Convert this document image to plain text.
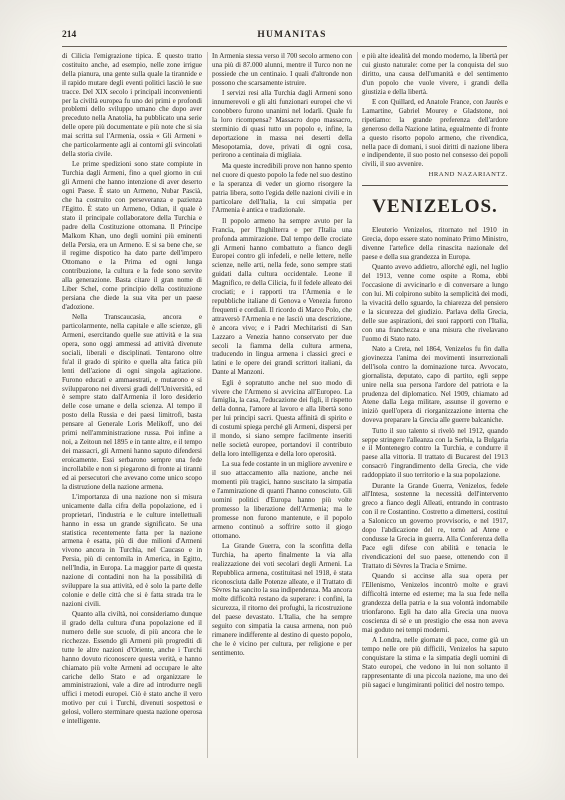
214	HUMANITAS

di Cilicia l'emigrazione tipica. È questo tratto costituito anche, ad esempio, nelle zone irrigue della pianura, una gente sulla quale la tirannide e il rapido mutare degli eventi politici lasciò le sue tracce. Del XIX secolo i principali inconvenienti per la civiltà europea fu uno dei primi e profondi problemi dello sviluppo umano che dopo aver preceduto nella Anatolia, ha pubblicato una serie delle opere più documentate e più note che si sia mai scritta sul l'Armenia, ossia « Gli Armeni » che particolarmente agli ai contorni gli svincolati della storia civile.

Le prime spedizioni sono state compiute in Turchia dagli Armeni, fino a quel giorno in cui gli Armeni che hanno intenzione di aver deserto ogni Paese. È stato un Armeno, Nubar Pascià, che ha costruito con perseveranza e pazienza l'Egitto. È stato un Armeno, Odian, il quale è stato il principale collaboratore della Turchia e padre della Costituzione ottomana. Il Principe Malkom Khan, uno degli uomini più eminenti della Persia, era un Armeno. E si sa bene che, se il regime dispotico ha dato parte dell'impero Ottomano e la Prima ed ogni lunga contribuzione, la cultura e la fede sono servite alla generazione. Basta citare il gran nome di Liber Schel, come principio della costituzione persiana che diede la sua vita per un paese d'adozione.

Nella Transcaucasia, ancora e particolarmente, nella capitale e alle scienze, gli Armeni, esercitando quelle sue attività e la sua opera, sono oggi ammessi ad attività divenute sociali, liberali e disciplinati. Tentarono oltre fu'al il grado di spirito e quella alta fatica più lenti dell'azione di ogni singola agitazione. Furono educati e ammaestrati, e mutarono e si svilupparono nei diversi gradi dell'Università, ed è sempre stato dall'Armenia il loro desiderio delle cose umane e della scienza. Al tempo il posto della Russia e dei paesi limitrofi, basta pensare al Generale Loris Melikoff, uno dei primi nell'amministrazione russa. Poi infine a noi, a Zeitoun nel 1895 e in tante altre, e il tempo dei massacri, gli Armeni hanno saputo difendersi eroicamente. Essi serbarono sempre una fede incrollabile e non si piegarono di fronte ai tiranni ed ai persecutori che avevano come unico scopo la distruzione della nazione armena.

L'importanza di una nazione non si misura unicamente dalla cifra della popolazione, ed i proprietari, l'industria e le culture intellettuali hanno in essa un grande significato. Se una statistica recentemente fatta per la nazione armena è esatta, più di due milioni d'Armeni vivono ancora in Turchia, nel Caucaso e in Persia, più di centomila in America, in Egitto, nell'India, in Europa. La maggior parte di questa nazione di contadini non ha la possibilità di sviluppare la sua attività, ed è solo la parte delle colonie e delle città che si è fatta strada tra le nazioni civili.

Quanto alla civiltà, noi consideriamo dunque il grado della cultura d'una popolazione ed il numero delle sue scuole, di più ancora che le ricchezze. Essendo gli Armeni più progrediti di tutte le altre nazioni d'Oriente, anche i Turchi hanno dovuto riconoscere questa verità, e hanno chiamato più volte Armeni ad occupare le alte cariche dello Stato e ad organizzare le amministrazioni, vale a dire ad introdurre negli uffici i metodi europei. Ciò è stato anche il vero motivo per cui i Turchi, divenuti sospettosi e gelosi, vollero sterminare questa nazione operosa e intelligente.

In Armenia stessa verso il 700 secolo armeno con una più di 87.000 alunni, mentre il Turco non ne possiede che un centinaio. I quali d'altronde non possono che scarsamente istruire.

I servizi resi alla Turchia dagli Armeni sono innumerevoli e gli alti funzionari europei che vi conobbero furono unanimi nel lodarli. Quale fu la loro ricompensa? Massacro dopo massacro, sterminio di quasi tutto un popolo e, infine, la deportazione in massa nei deserti della Mesopotamia, dove, privati di ogni cosa, perirono a centinaia di migliaia.

Ma queste incredibili prove non hanno spento nel cuore di questo popolo la fede nel suo destino e la speranza di veder un giorno risorgere la patria libera, sotto l'egida delle nazioni civili e in particolare dell'Italia, la cui simpatia per l'Armenia è antica e tradizionale.

Il popolo armeno ha sempre avuto per la Francia, per l'Inghilterra e per l'Italia una profonda ammirazione. Dal tempo delle crociate gli Armeni hanno combattuto a fianco degli Europei contro gli infedeli, e nelle lettere, nelle scienze, nelle arti, nella fede, sono sempre stati guidati dalla cultura occidentale. Leone il Magnifico, re della Cilicia, fu il fedele alleato dei crociati; e i rapporti tra l'Armenia e le repubbliche italiane di Genova e Venezia furono frequenti e cordiali. Il ricordo di Marco Polo, che attraversò l'Armenia e ne lasciò una descrizione, è ancora vivo; e i Padri Mechitaristi di San Lazzaro a Venezia hanno conservato per due secoli la fiamma della cultura armena, traducendo in lingua armena i classici greci e latini e le opere dei grandi scrittori italiani, da Dante al Manzoni.

Egli è sopratutto anche nel suo modo di vivere che l'Armeno si avvicina all'Europeo. La famiglia, la casa, l'educazione dei figli, il rispetto della donna, l'amore al lavoro e alla libertà sono per lui principi sacri. Questa affinità di spirito e di costumi spiega perché gli Armeni, dispersi per il mondo, si siano sempre facilmente inseriti nelle società europee, portandovi il contributo della loro intelligenza e della loro operosità.

La sua fede costante in un migliore avvenire e il suo attaccamento alla nazione, anche nei momenti più tragici, hanno suscitato la simpatia e l'ammirazione di quanti l'hanno conosciuto. Gli uomini politici d'Europa hanno più volte promesso la liberazione dell'Armenia; ma le promesse non furono mantenute, e il popolo armeno continuò a soffrire sotto il giogo ottomano.

La Grande Guerra, con la sconfitta della Turchia, ha aperto finalmente la via alla realizzazione dei voti secolari degli Armeni. La Repubblica armena, costituitasi nel 1918, è stata riconosciuta dalle Potenze alleate, e il Trattato di Sèvres ha sancito la sua indipendenza. Ma ancora molte difficoltà restano da superare: i confini, la sicurezza, il ritorno dei profughi, la ricostruzione del paese devastato. L'Italia, che ha sempre seguito con simpatia la causa armena, non può rimanere indifferente al destino di questo popolo, che le è vicino per cultura, per religione e per sentimento.

e più alte idealità del mondo moderno, la libertà per cui giusto naturale: come per la conquista del suo diritto, una causa dell'umanità e del sentimento d'un popolo che vuole vivere, i grandi della giustizia e della libertà.

E con Quillard, ed Anatole France, con Jaurès e Lamartine, Gabriel Mourey e Gladstone, noi ripetiamo: la grande preferenza dell'ardore generoso della Nazione latina, egualmente di fronte a questo risorto popolo armeno, che rivendica, nella pace di domani, i suoi diritti di nazione libera e indipendente, il suo posto nel consesso dei popoli civili, il suo avvenire.

HRAND NAZARIANTZ.
VENIZELOS.

Eleuterio Venizelos, ritornato nel 1910 in Grecia, dopo essere stato nominato Primo Ministro, divenne l'artefice della rinascita nazionale del paese e della sua grandezza in Europa.

Quanto avevo addietro, allorché egli, nel luglio del 1913, venne come ospite a Roma, ebbi l'occasione di avvicinarlo e di conversare a lungo con lui. Mi colpirono subito la semplicità dei modi, la vivacità dello sguardo, la chiarezza del pensiero e la sicurezza del giudizio. Parlava della Grecia, delle sue aspirazioni, dei suoi rapporti con l'Italia, con una franchezza e una misura che rivelavano l'uomo di Stato nato.

Nato a Creta, nel 1864, Venizelos fu fin dalla giovinezza l'anima dei movimenti insurrezionali dell'isola contro la dominazione turca. Avvocato, giornalista, deputato, capo di partito, egli seppe unire nella sua persona l'ardore del patriota e la prudenza del diplomatico. Nel 1909, chiamato ad Atene dalla Lega militare, assunse il governo e iniziò quell'opera di riorganizzazione interna che doveva preparare la Grecia alle guerre balcaniche.

Tutto il suo talento si rivelò nel 1912, quando seppe stringere l'alleanza con la Serbia, la Bulgaria e il Montenegro contro la Turchia, e condurre il paese alla vittoria. Il trattato di Bucarest del 1913 consacrò l'ingrandimento della Grecia, che vide raddoppiato il suo territorio e la sua popolazione.

Durante la Grande Guerra, Venizelos, fedele all'Intesa, sostenne la necessità dell'intervento greco a fianco degli Alleati, entrando in contrasto con il re Costantino. Costretto a dimettersi, costituì a Salonicco un governo provvisorio, e nel 1917, dopo l'abdicazione del re, tornò ad Atene e condusse la Grecia in guerra. Alla Conferenza della Pace egli difese con abilità e tenacia le rivendicazioni del suo paese, ottenendo con il Trattato di Sèvres la Tracia e Smirne.

Quando si accinse alla sua opera per l'Ellenismo, Venizelos incontrò molte e gravi difficoltà interne ed esterne; ma la sua fede nella grandezza della patria e la sua volontà indomabile trionfarono. Egli ha dato alla Grecia una nuova coscienza di sé e un prestigio che essa non aveva mai goduto nei tempi moderni.

A Londra, nelle giornate di pace, come già un tempo nelle ore più difficili, Venizelos ha saputo conquistare la stima e la simpatia degli uomini di Stato europei, che vedono in lui non soltanto il rappresentante di una piccola nazione, ma uno dei più sagaci e lungimiranti politici del nostro tempo.
